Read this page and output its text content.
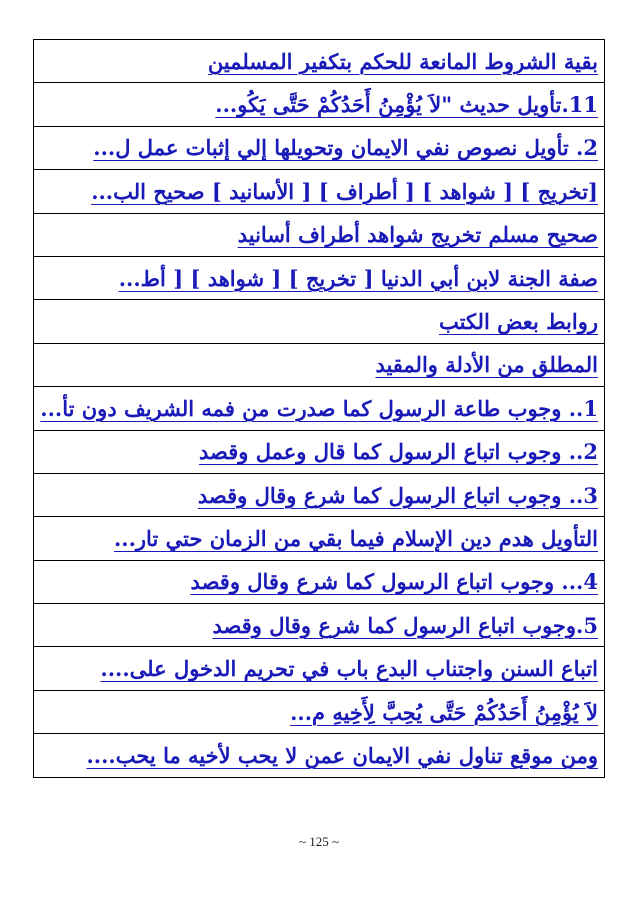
بقية الشروط المانعة للحكم بتكفير المسلمين
11.تأويل حديث "لاَ يُؤْمِنُ أَحَدُكُمْ حَتَّى يَكُو...
2. تأويل نصوص نفي الايمان وتحويلها إلي إثبات عمل ل...
[تخريج ] [ شواهد ] [ أطراف ] [ الأسانيد ] صحيح الب...
صحيح مسلم تخريج شواهد أطراف أسانيد
صفة الجنة لابن أبي الدنيا [ تخريج ] [ شواهد ] [ أط...
روابط بعض الكتب
المطلق من الأدلة والمقيد
1.. وجوب طاعة الرسول كما صدرت من فمه الشريف دون تأ...
2.. وجوب اتباع الرسول كما قال وعمل وقصد
3.. وجوب اتباع الرسول كما شرع وقال وقصد
التأويل هدم دين الإسلام فيما بقي من الزمان حتي تار...
4... وجوب اتباع الرسول كما شرع وقال وقصد
5.وجوب اتباع الرسول كما شرع وقال وقصد
اتباع السنن واجتناب البدع باب في تحريم الدخول على....
لاَ يُؤْمِنُ أَحَدُكُمْ حَتَّى يُحِبَّ لِأَخِيهِ م...
ومن موقع تناول نفي الايمان عمن لا يحب لأخيه ما يحب....
~ 125 ~
